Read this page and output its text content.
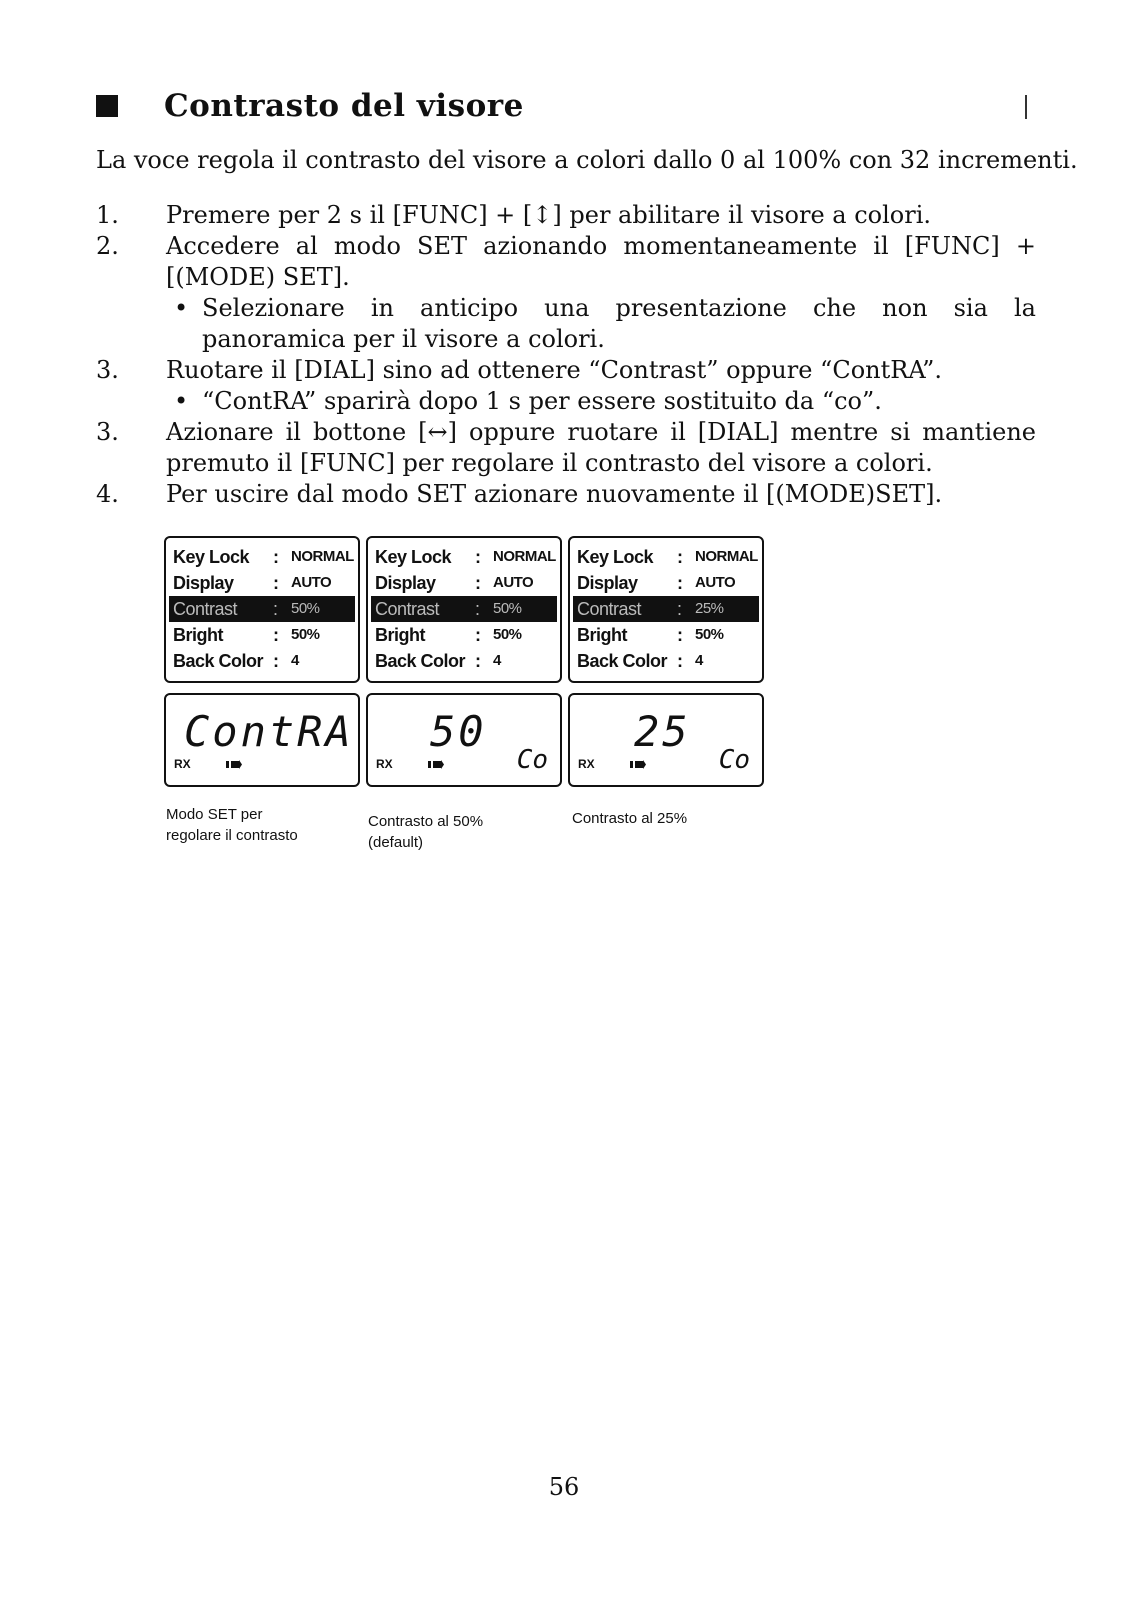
Contrasto del visore
La voce regola il contrasto del visore a colori dallo 0 al 100% con 32 incrementi.
1.	Premere per 2 s il [FUNC] + [↕] per abilitare il visore a colori.
2.	Accedere al modo SET azionando momentaneamente il [FUNC] + [(MODE) SET].
• Selezionare in anticipo una presentazione che non sia la panoramica per il visore a colori.
3.	Ruotare il [DIAL] sino ad ottenere “Contrast” oppure “ContRA”.
• “ContRA” sparirà dopo 1 s per essere sostituito da “co”.
3.	Azionare il bottone [↔] oppure ruotare il [DIAL] mentre si mantiene premuto il [FUNC] per regolare il contrasto del visore a colori.
4.	Per uscire dal modo SET azionare nuovamente il [(MODE)SET].
Key Lock	: NORMAL
Display	: AUTO
Contrast	: 50%
Bright	: 50%
Back Color : 4
Key Lock	: NORMAL
Display	: AUTO
Contrast	: 50%
Bright	: 50%
Back Color : 4
Key Lock	: NORMAL
Display	: AUTO
Contrast	: 25%
Bright	: 50%
Back Color : 4
ContRA
RX
50
Co
RX
25
Co
RX
Modo SET per
regolare il contrasto
Contrasto al 50%
(default)
Contrasto al 25%
56
